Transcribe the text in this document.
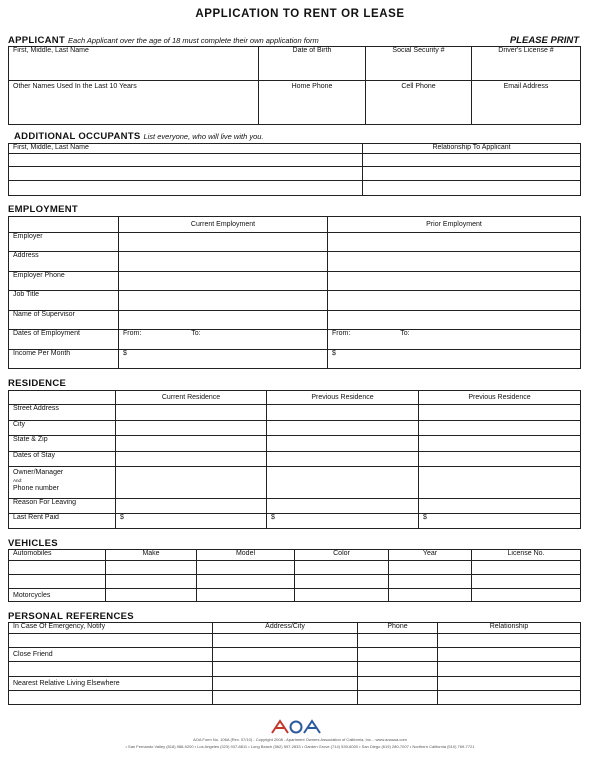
APPLICATION TO RENT OR LEASE
APPLICANT Each Applicant over the age of 18 must complete their own application form	PLEASE PRINT
First, Middle, Last Name	Date of Birth	Social Security #	Driver's License #
Other Names Used In the Last 10 Years	Home Phone	Cell Phone	Email Address
ADDITIONAL OCCUPANTS List everyone, who will live with you.
First, Middle, Last Name	Relationship To Applicant

EMPLOYMENT
	Current Employment	Prior Employment
Employer		
Address		
Employer Phone		
Job Title		
Name of Supervisor		
Dates of Employment	From: To:	From: To:
Income Per Month	$	$
RESIDENCE
	Current Residence	Previous Residence	Previous Residence
Street Address			
City			
State & Zip			
Dates of Stay			
Owner/Manager
And:
Phone number			
Reason For Leaving			
Last Rent Paid	$	$	$
VEHICLES
Automobiles	Make	Model	Color	Year	License No.

Motorcycles					
PERSONAL REFERENCES
In Case Of Emergency, Notify	Address/City	Phone	Relationship

Close Friend			

Nearest Relative Living Elsewhere			

AOA Form No. 106A (Rev. 07/10) - Copyright 2008 - Apartment Owners Association of California, Inc. - www.aoausa.com
• San Fernando Valley (818) 988-9200 • Los Angeles (323) 937-8811 • Long Beach (562) 597-2833 • Garden Grove (714) 539-6000 • San Diego (619) 280-7007 • Northern California (510) 769-7721
